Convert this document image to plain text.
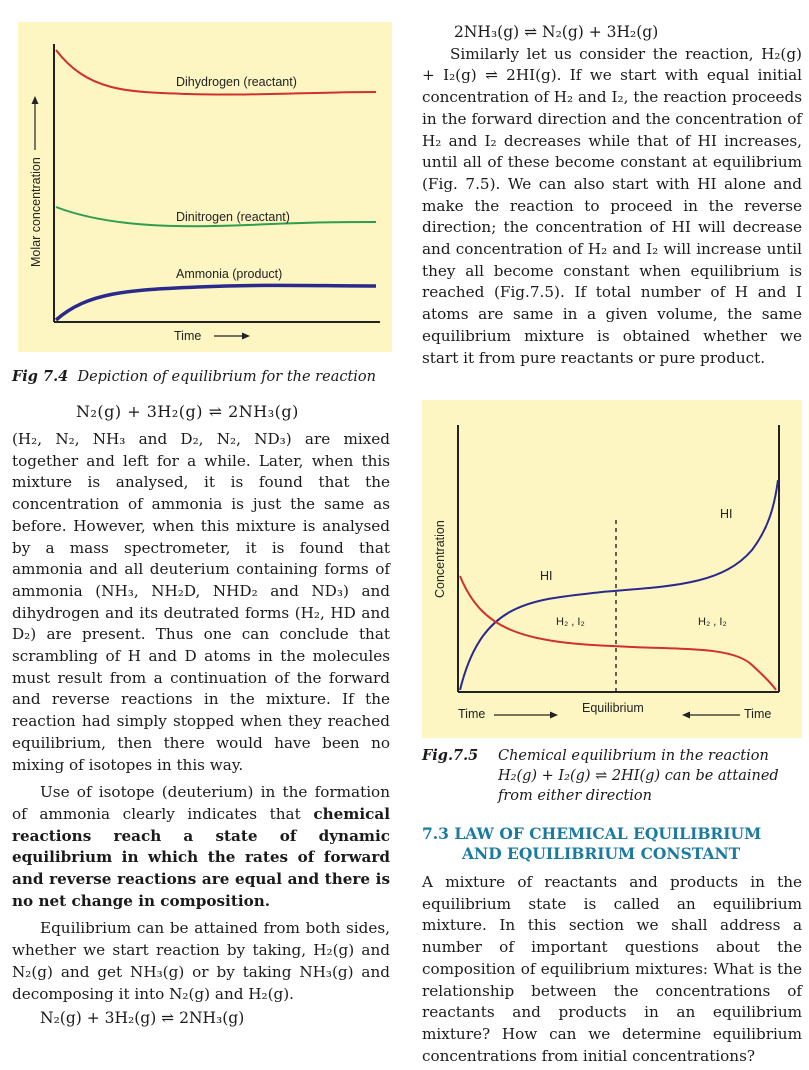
Dihydrogen (reactant)
Dinitrogen (reactant)
Ammonia (product)
Molar concentration
Time
Fig 7.4 Depiction of equilibrium for the reaction
N₂(g) + 3H₂(g) ⇌ 2NH₃(g)

(H₂, N₂, NH₃ and D₂, N₂, ND₃) are mixed together and left for a while. Later, when this mixture is analysed, it is found that the concentration of ammonia is just the same as before. However, when this mixture is analysed by a mass spectrometer, it is found that ammonia and all deuterium containing forms of ammonia (NH₃, NH₂D, NHD₂ and ND₃) and dihydrogen and its deutrated forms (H₂, HD and D₂) are present. Thus one can conclude that scrambling of H and D atoms in the molecules must result from a continuation of the forward and reverse reactions in the mixture. If the reaction had simply stopped when they reached equilibrium, then there would have been no mixing of isotopes in this way.

Use of isotope (deuterium) in the formation of ammonia clearly indicates that chemical reactions reach a state of dynamic equilibrium in which the rates of forward and reverse reactions are equal and there is no net change in composition.

Equilibrium can be attained from both sides, whether we start reaction by taking, H₂(g) and N₂(g) and get NH₃(g) or by taking NH₃(g) and decomposing it into N₂(g) and H₂(g).

N₂(g) + 3H₂(g) ⇌ 2NH₃(g)

2NH₃(g) ⇌ N₂(g) + 3H₂(g)

Similarly let us consider the reaction, H₂(g) + I₂(g) ⇌ 2HI(g). If we start with equal initial concentration of H₂ and I₂, the reaction proceeds in the forward direction and the concentration of H₂ and I₂ decreases while that of HI increases, until all of these become constant at equilibrium (Fig. 7.5). We can also start with HI alone and make the reaction to proceed in the reverse direction; the concentration of HI will decrease and concentration of H₂ and I₂ will increase until they all become constant when equilibrium is reached (Fig.7.5). If total number of H and I atoms are same in a given volume, the same equilibrium mixture is obtained whether we start it from pure reactants or pure product.

HI
HI
H₂ , I₂	H₂ , I₂
Concentration
Time	Equilibrium	Time
Fig.7.5 Chemical equilibrium in the reaction
H₂(g) + I₂(g) ⇌ 2HI(g) can be attained
from either direction
7.3 LAW OF CHEMICAL EQUILIBRIUM
AND EQUILIBRIUM CONSTANT

A mixture of reactants and products in the equilibrium state is called an equilibrium mixture. In this section we shall address a number of important questions about the composition of equilibrium mixtures: What is the relationship between the concentrations of reactants and products in an equilibrium mixture? How can we determine equilibrium concentrations from initial concentrations?
